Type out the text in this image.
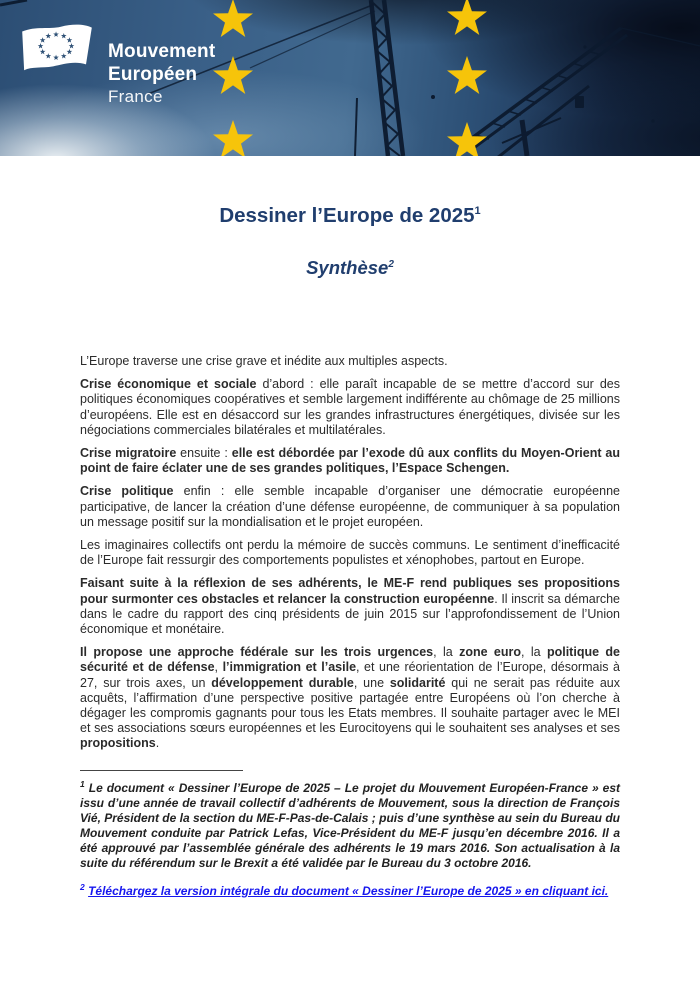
Mouvement
Européen
France
Dessiner l’Europe de 2025$^1$
Synthèse$^2$

L’Europe traverse une crise grave et inédite aux multiples aspects.

Crise économique et sociale d’abord : elle paraît incapable de se mettre d’accord sur des politiques économiques coopératives et semble largement indifférente au chômage de 25 millions d’européens. Elle est en désaccord sur les grandes infrastructures énergétiques, divisée sur les négociations commerciales bilatérales et multilatérales.

Crise migratoire ensuite : elle est débordée par l’exode dû aux conflits du Moyen-Orient au point de faire éclater une de ses grandes politiques, l’Espace Schengen.

Crise politique enfin : elle semble incapable d’organiser une démocratie européenne participative, de lancer la création d’une défense européenne, de communiquer à sa population un message positif sur la mondialisation et le projet européen.

Les imaginaires collectifs ont perdu la mémoire de succès communs. Le sentiment d’inefficacité de l’Europe fait ressurgir des comportements populistes et xénophobes, partout en Europe.

Faisant suite à la réflexion de ses adhérents, le ME-F rend publiques ses propositions pour surmonter ces obstacles et relancer la construction européenne. Il inscrit sa démarche dans le cadre du rapport des cinq présidents de juin 2015 sur l’approfondissement de l’Union économique et monétaire.

Il propose une approche fédérale sur les trois urgences, la zone euro, la politique de sécurité et de défense, l’immigration et l’asile, et une réorientation de l’Europe, désormais à 27, sur trois axes, un développement durable, une solidarité qui ne serait pas réduite aux acquêts, l’affirmation d’une perspective positive partagée entre Européens où l’on cherche à dégager les compromis gagnants pour tous les Etats membres. Il souhaite partager avec le MEI et ses associations sœurs européennes et les Eurocitoyens qui le souhaitent ses analyses et ses propositions.

$^1$ Le document « Dessiner l’Europe de 2025 – Le projet du Mouvement Européen-France » est issu d’une année de travail collectif d’adhérents de Mouvement, sous la direction de François Vié, Président de la section du ME-F-Pas-de-Calais ; puis d’une synthèse au sein du Bureau du Mouvement conduite par Patrick Lefas, Vice-Président du ME-F jusqu’en décembre 2016. Il a été approuvé par l’assemblée générale des adhérents le 19 mars 2016. Son actualisation à la suite du référendum sur le Brexit a été validée par le Bureau du 3 octobre 2016.

$^2$ Téléchargez la version intégrale du document « Dessiner l’Europe de 2025 » en cliquant ici.
